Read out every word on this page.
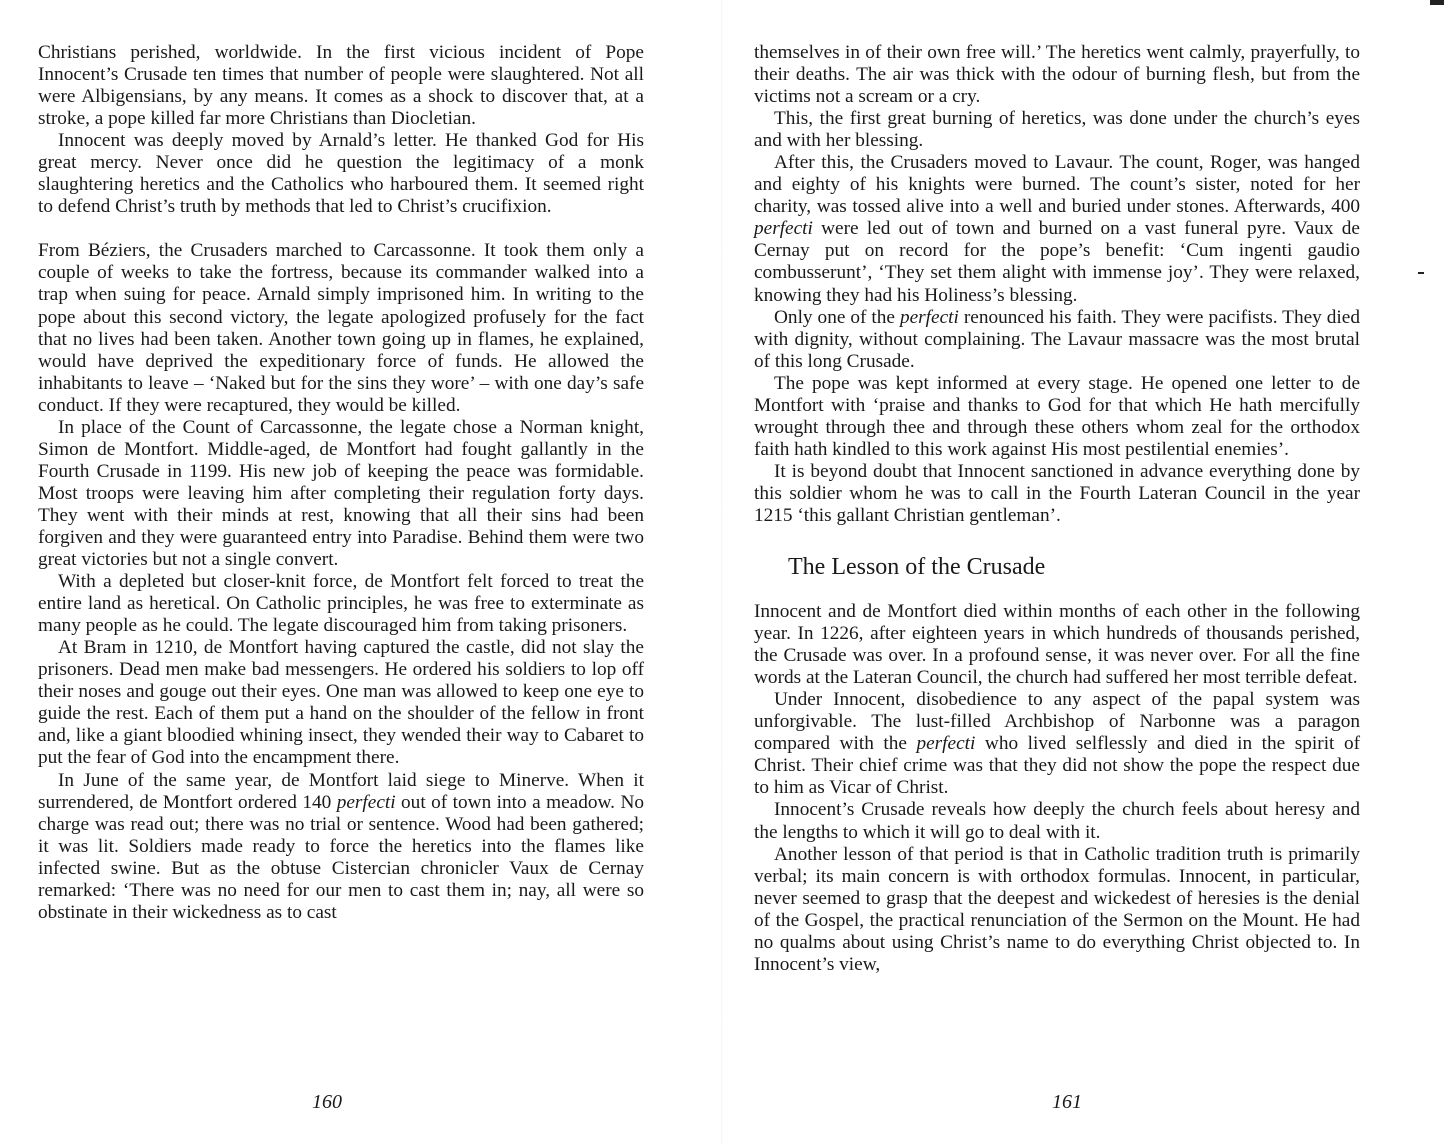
Christians perished, worldwide. In the first vicious incident of Pope Innocent’s Crusade ten times that number of people were slaughtered. Not all were Albigensians, by any means. It comes as a shock to discover that, at a stroke, a pope killed far more Christians than Diocletian.

Innocent was deeply moved by Arnald’s letter. He thanked God for His great mercy. Never once did he question the legitimacy of a monk slaughtering heretics and the Catholics who harboured them. It seemed right to defend Christ’s truth by methods that led to Christ’s crucifixion.

From Béziers, the Crusaders marched to Carcassonne. It took them only a couple of weeks to take the fortress, because its commander walked into a trap when suing for peace. Arnald simply imprisoned him. In writing to the pope about this second victory, the legate apologized profusely for the fact that no lives had been taken. Another town going up in flames, he explained, would have deprived the expeditionary force of funds. He allowed the inhabitants to leave – ‘Naked but for the sins they wore’ – with one day’s safe conduct. If they were recaptured, they would be killed.

In place of the Count of Carcassonne, the legate chose a Norman knight, Simon de Montfort. Middle-aged, de Montfort had fought gallantly in the Fourth Crusade in 1199. His new job of keeping the peace was formidable. Most troops were leaving him after completing their regulation forty days. They went with their minds at rest, knowing that all their sins had been forgiven and they were guaranteed entry into Paradise. Behind them were two great victories but not a single convert.

With a depleted but closer-knit force, de Montfort felt forced to treat the entire land as heretical. On Catholic principles, he was free to exterminate as many people as he could. The legate discouraged him from taking prisoners.

At Bram in 1210, de Montfort having captured the castle, did not slay the prisoners. Dead men make bad messengers. He ordered his soldiers to lop off their noses and gouge out their eyes. One man was allowed to keep one eye to guide the rest. Each of them put a hand on the shoulder of the fellow in front and, like a giant bloodied whining insect, they wended their way to Cabaret to put the fear of God into the encampment there.

In June of the same year, de Montfort laid siege to Minerve. When it surrendered, de Montfort ordered 140 perfecti out of town into a meadow. No charge was read out; there was no trial or sentence. Wood had been gathered; it was lit. Soldiers made ready to force the heretics into the flames like infected swine. But as the obtuse Cistercian chronicler Vaux de Cernay remarked: ‘There was no need for our men to cast them in; nay, all were so obstinate in their wickedness as to cast

160

themselves in of their own free will.’ The heretics went calmly, prayerfully, to their deaths. The air was thick with the odour of burning flesh, but from the victims not a scream or a cry.

This, the first great burning of heretics, was done under the church’s eyes and with her blessing.

After this, the Crusaders moved to Lavaur. The count, Roger, was hanged and eighty of his knights were burned. The count’s sister, noted for her charity, was tossed alive into a well and buried under stones. Afterwards, 400 perfecti were led out of town and burned on a vast funeral pyre. Vaux de Cernay put on record for the pope’s benefit: ‘Cum ingenti gaudio combusserunt’, ‘They set them alight with immense joy’. They were relaxed, knowing they had his Holiness’s blessing.

Only one of the perfecti renounced his faith. They were pacifists. They died with dignity, without complaining. The Lavaur massacre was the most brutal of this long Crusade.

The pope was kept informed at every stage. He opened one letter to de Montfort with ‘praise and thanks to God for that which He hath mercifully wrought through thee and through these others whom zeal for the orthodox faith hath kindled to this work against His most pestilential enemies’.

It is beyond doubt that Innocent sanctioned in advance everything done by this soldier whom he was to call in the Fourth Lateran Council in the year 1215 ‘this gallant Christian gentleman’.

The Lesson of the Crusade

Innocent and de Montfort died within months of each other in the following year. In 1226, after eighteen years in which hundreds of thousands perished, the Crusade was over. In a profound sense, it was never over. For all the fine words at the Lateran Council, the church had suffered her most terrible defeat.

Under Innocent, disobedience to any aspect of the papal system was unforgivable. The lust-filled Archbishop of Narbonne was a paragon compared with the perfecti who lived selflessly and died in the spirit of Christ. Their chief crime was that they did not show the pope the respect due to him as Vicar of Christ.

Innocent’s Crusade reveals how deeply the church feels about heresy and the lengths to which it will go to deal with it.

Another lesson of that period is that in Catholic tradition truth is primarily verbal; its main concern is with orthodox formulas. Innocent, in particular, never seemed to grasp that the deepest and wickedest of heresies is the denial of the Gospel, the practical renunciation of the Sermon on the Mount. He had no qualms about using Christ’s name to do everything Christ objected to. In Innocent’s view,

161
